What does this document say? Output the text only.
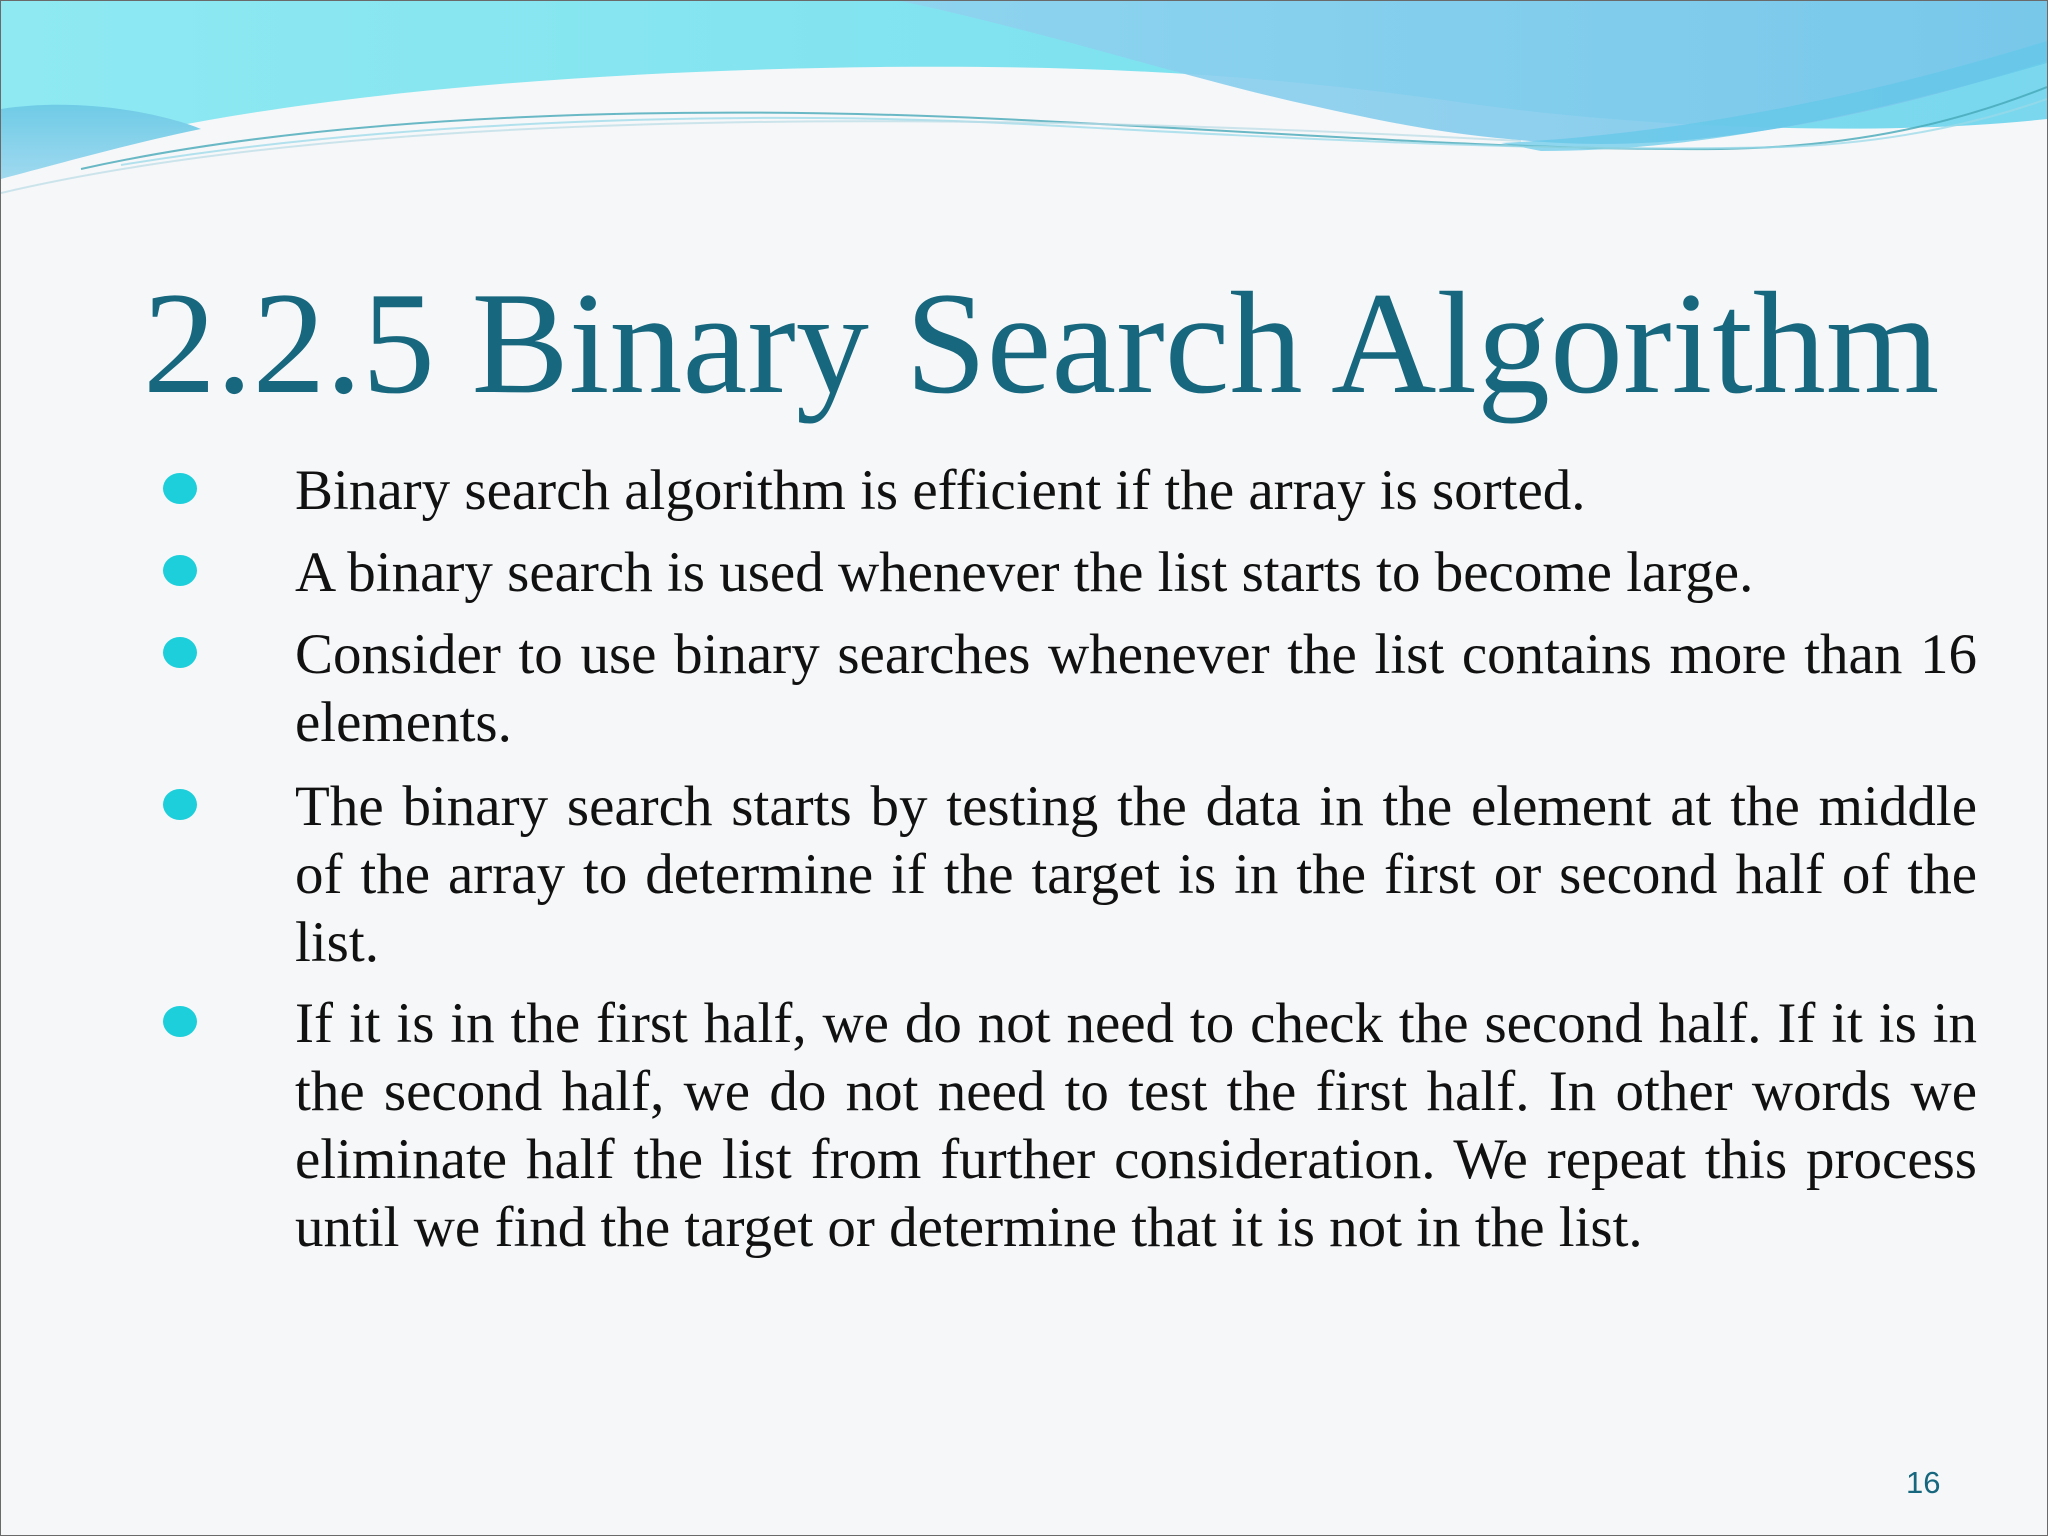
2.2.5 Binary Search Algorithm
Binary search algorithm is efficient if the array is sorted.
A binary search is used whenever the list starts to become large.
Consider to use binary searches whenever the list contains more than 16 elements.
The binary search starts by testing the data in the element at the middle of the array to determine if the target is in the first or second half of the list.
If it is in the first half, we do not need to check the second half. If it is in the second half, we do not need to test the first half. In other words we eliminate half the list from further consideration. We repeat this process until we find the target or determine that it is not in the list.
16
